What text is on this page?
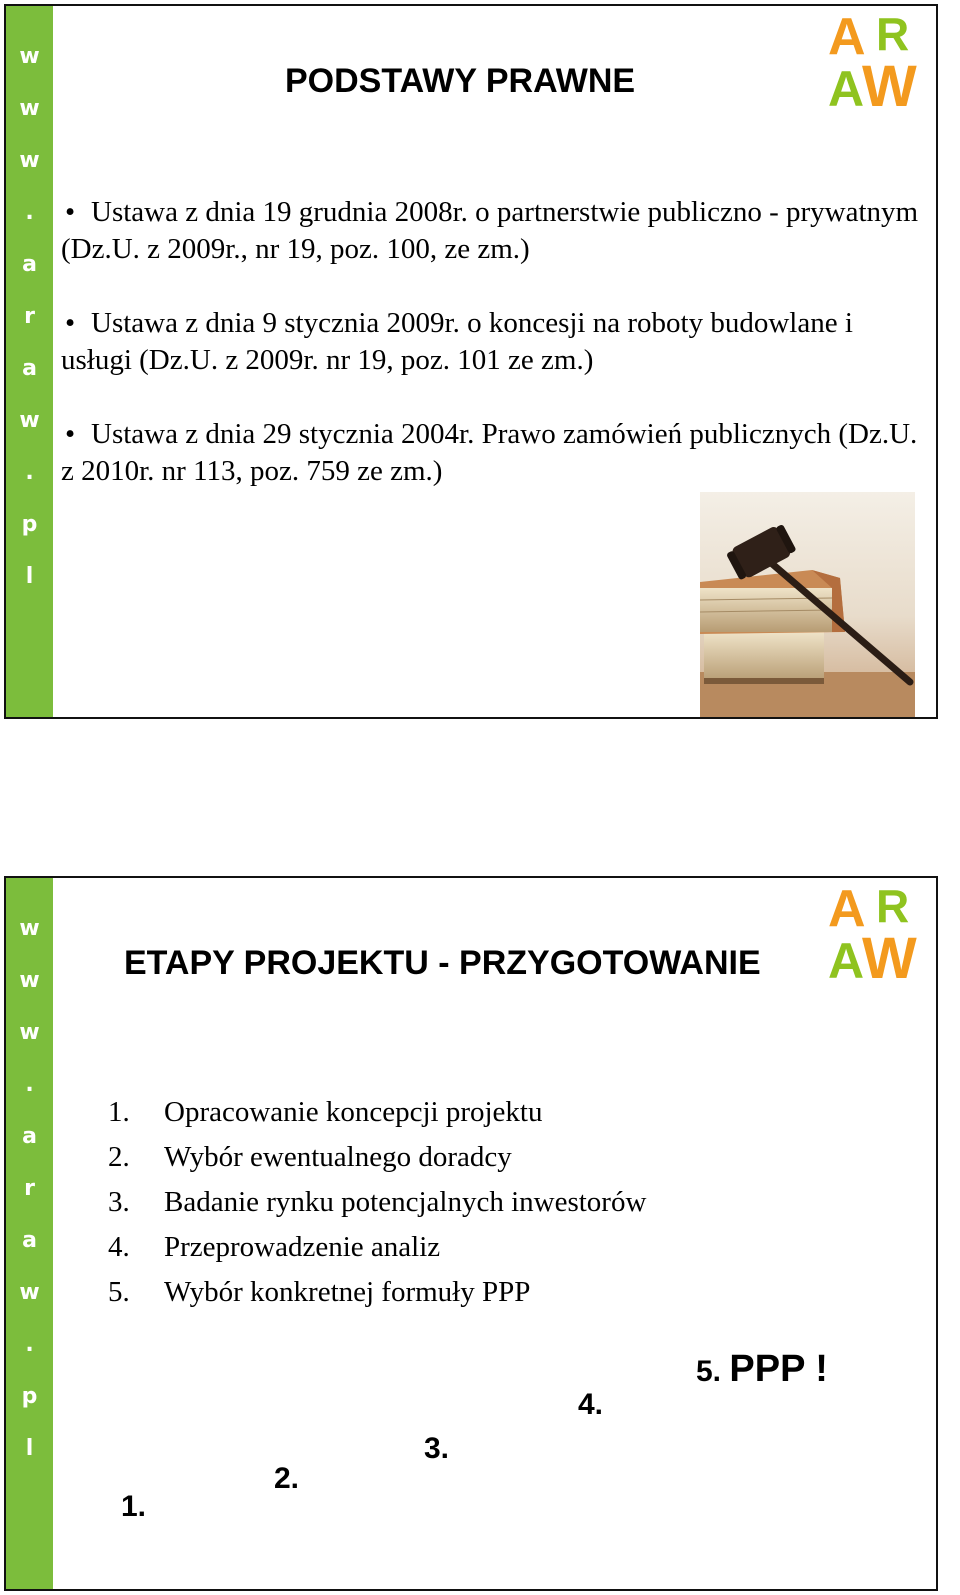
w
w
w
.
a
r
a
w
.
p
l
A R
A
W
PODSTAWY PRAWNE
• Ustawa z dnia 19 grudnia 2008r. o partnerstwie publiczno - prywatnym (Dz.U. z 2009r., nr 19, poz. 100, ze zm.)
• Ustawa z dnia 9 stycznia 2009r. o koncesji na roboty budowlane i usługi (Dz.U. z 2009r. nr 19, poz. 101 ze zm.)
• Ustawa z dnia 29 stycznia 2004r. Prawo zamówień publicznych (Dz.U. z 2010r. nr 113, poz. 759 ze zm.)
w
w
w
.
a
r
a
w
.
p
l
A R
A
W
ETAPY PROJEKTU - PRZYGOTOWANIE
1. Opracowanie koncepcji projektu
2. Wybór ewentualnego doradcy
3. Badanie rynku potencjalnych inwestorów
4. Przeprowadzenie analiz
5. Wybór konkretnej formuły PPP
1.
2.
3.
4.
5. PPP !
